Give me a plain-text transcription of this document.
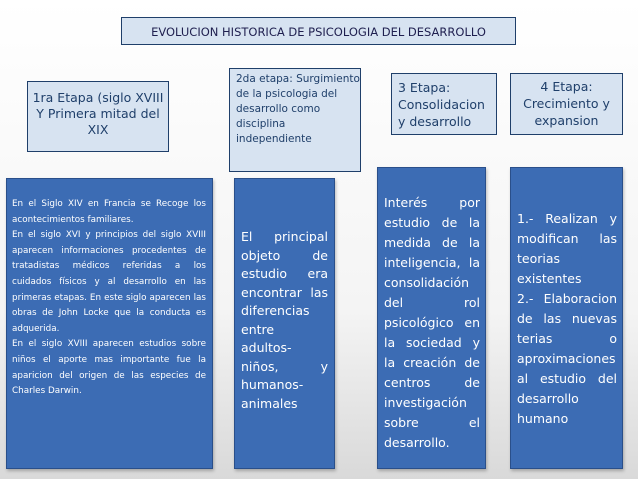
EVOLUCION HISTORICA DE PSICOLOGIA DEL DESARROLLO
1ra Etapa (siglo XVIII Y Primera mitad del XIX
2da etapa: Surgimiento de la psicologia del desarrollo como disciplina independiente
3 Etapa: Consolidacion y desarrollo
4 Etapa: Crecimiento y expansion
En el Siglo XIV en Francia se Recoge los acontecimientos familiares.
En el siglo XVI y principios del siglo XVIII aparecen informaciones procedentes de tratadistas médicos referidas a los cuidados físicos y al desarrollo en las primeras etapas. En este siglo aparecen las obras de John Locke que la conducta es adquerida.
En el siglo XVIII aparecen estudios sobre niños el aporte mas importante fue la aparicion del origen de las especies de Charles Darwin.
El principal objeto de estudio era encontrar las diferencias entre adultos- niños, y humanos- animales
Interés por estudio de la medida de la inteligencia, la consolidación del rol psicológico en la sociedad y la creación de centros de investigación sobre el desarrollo.
1.- Realizan y modifican las teorias existentes
2.- Elaboracion de las nuevas terias o aproximaciones al estudio del desarrollo humano
